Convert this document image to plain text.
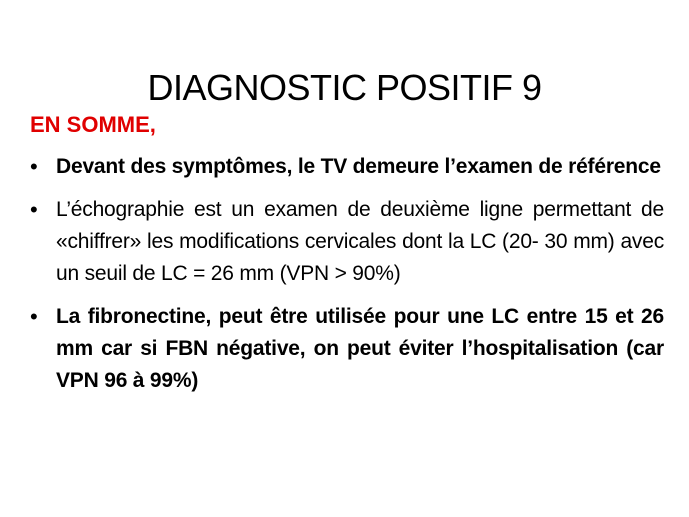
DIAGNOSTIC POSITIF 9
EN SOMME,
• Devant des symptômes, le TV demeure l’examen de référence
• L’échographie est un examen de deuxième ligne permettant de «chiffrer» les modifications cervicales dont la LC (20- 30 mm) avec un seuil de LC = 26 mm (VPN > 90%)
• La fibronectine, peut être utilisée pour une LC entre 15 et 26 mm car si FBN négative, on peut éviter l’hospitalisation (car VPN 96 à 99%)
